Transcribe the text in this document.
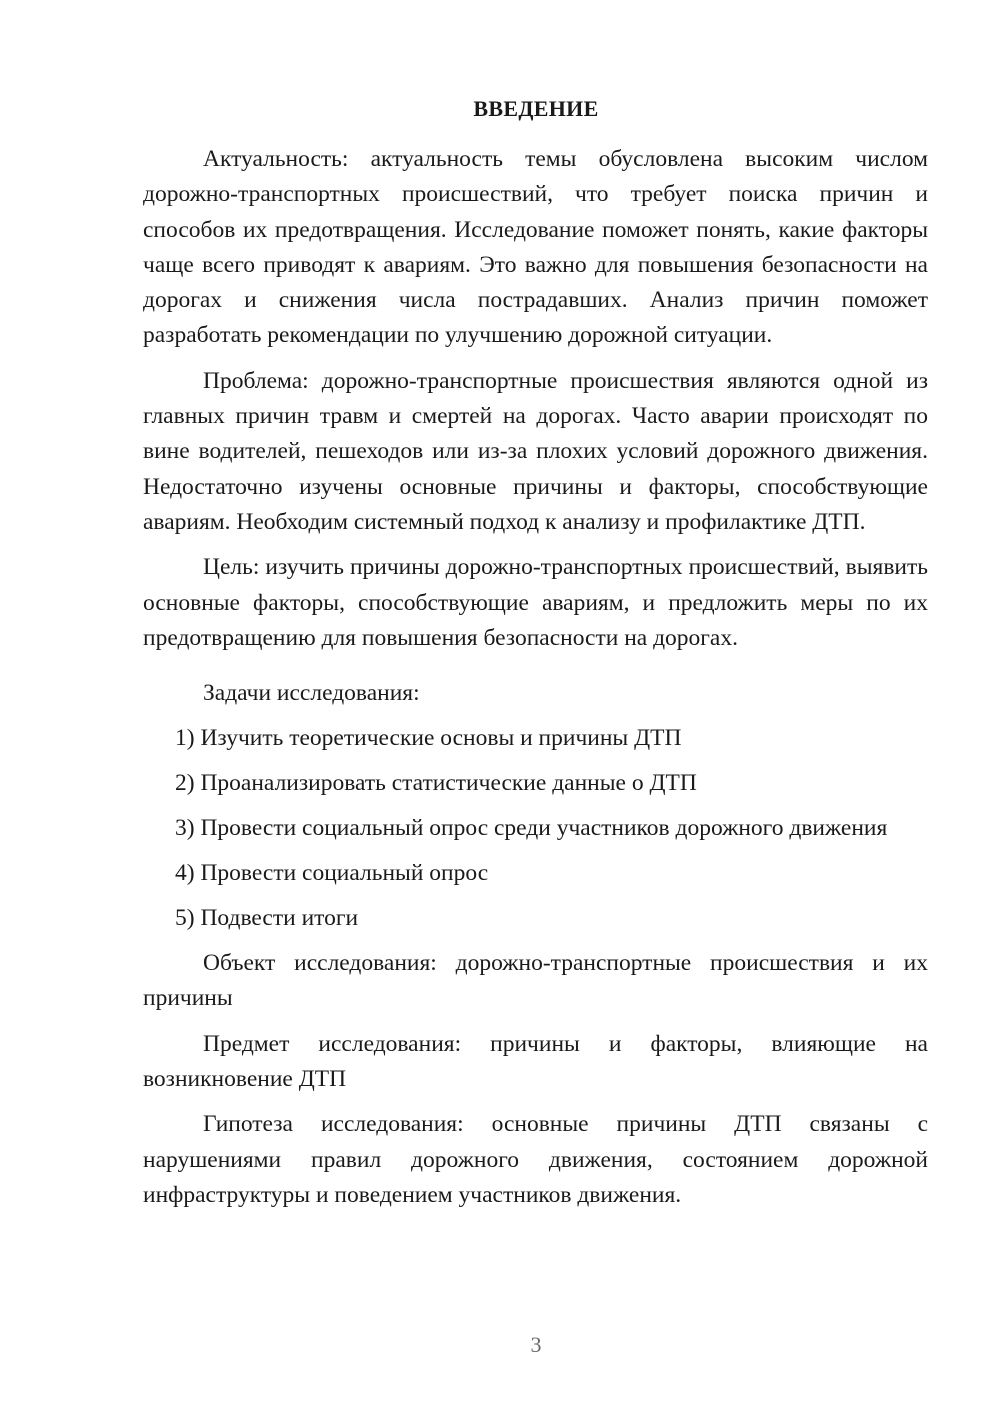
ВВЕДЕНИЕ

Актуальность: актуальность темы обусловлена высоким числом дорожно-транспортных происшествий, что требует поиска причин и способов их предотвращения. Исследование поможет понять, какие факторы чаще всего приводят к авариям. Это важно для повышения безопасности на дорогах и снижения числа пострадавших. Анализ причин поможет разработать рекомендации по улучшению дорожной ситуации.

Проблема: дорожно-транспортные происшествия являются одной из главных причин травм и смертей на дорогах. Часто аварии происходят по вине водителей, пешеходов или из-за плохих условий дорожного движения. Недостаточно изучены основные причины и факторы, способствующие авариям. Необходим системный подход к анализу и профилактике ДТП.

Цель: изучить причины дорожно-транспортных происшествий, выявить основные факторы, способствующие авариям, и предложить меры по их предотвращению для повышения безопасности на дорогах.

Задачи исследования:

1) Изучить теоретические основы и причины ДТП
2) Проанализировать статистические данные о ДТП
3) Провести социальный опрос среди участников дорожного движения
4) Провести социальный опрос
5) Подвести итоги

Объект исследования: дорожно-транспортные происшествия и их причины

Предмет исследования: причины и факторы, влияющие на возникновение ДТП

Гипотеза исследования: основные причины ДТП связаны с нарушениями правил дорожного движения, состоянием дорожной инфраструктуры и поведением участников движения.

3
